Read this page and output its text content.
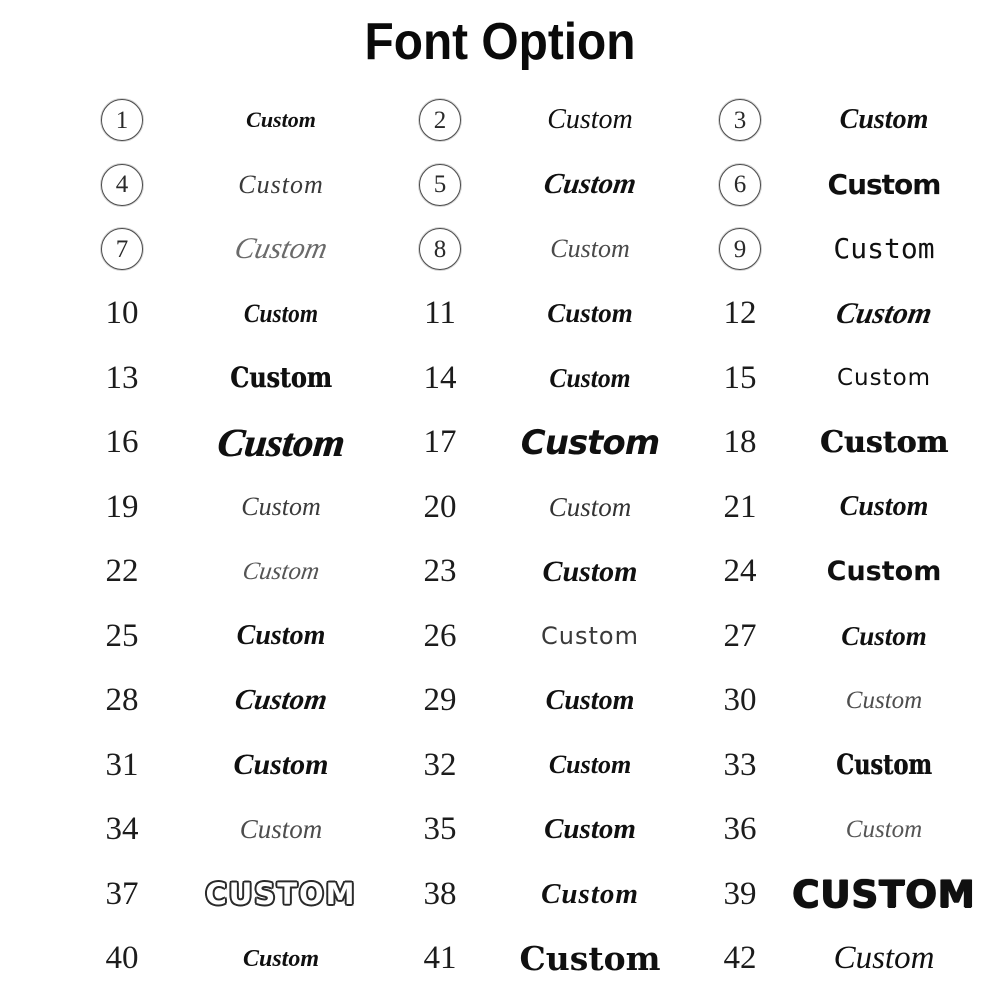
Font Option
1	Custom	2	Custom	3	Custom
4	Custom	5	Custom	6	Custom
7	Custom	8	Custom	9	Custom
10	Custom	11	Custom	12	Custom
13	Custom	14	Custom	15	Custom
16	Custom	17	Custom	18	Custom
19	Custom	20	Custom	21	Custom
22	Custom	23	Custom	24	Custom
25	Custom	26	Custom	27	Custom
28	Custom	29	Custom	30	Custom
31	Custom	32	Custom	33	Custom
34	Custom	35	Custom	36	Custom
37	CUSTOM	38	Custom	39 CUSTOM
40	Custom	41	Custom	42	Custom
